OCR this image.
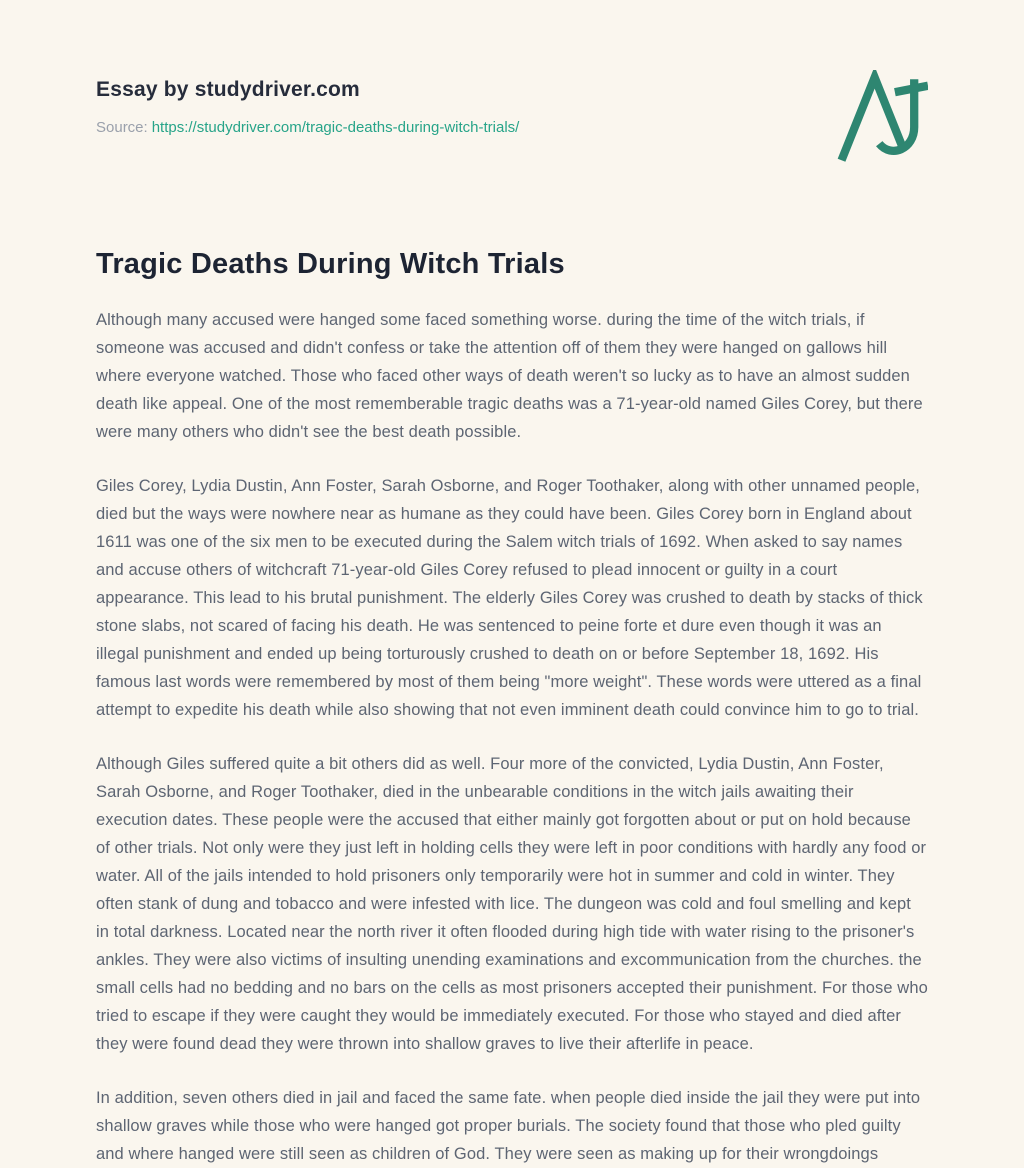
Essay by studydriver.com
Source: https://studydriver.com/tragic-deaths-during-witch-trials/
Tragic Deaths During Witch Trials

Although many accused were hanged some faced something worse. during the time of the witch trials, if someone was accused and didn't confess or take the attention off of them they were hanged on gallows hill where everyone watched. Those who faced other ways of death weren't so lucky as to have an almost sudden death like appeal. One of the most rememberable tragic deaths was a 71-year-old named Giles Corey, but there were many others who didn't see the best death possible.

Giles Corey, Lydia Dustin, Ann Foster, Sarah Osborne, and Roger Toothaker, along with other unnamed people, died but the ways were nowhere near as humane as they could have been. Giles Corey born in England about 1611 was one of the six men to be executed during the Salem witch trials of 1692. When asked to say names and accuse others of witchcraft 71-year-old Giles Corey refused to plead innocent or guilty in a court appearance. This lead to his brutal punishment. The elderly Giles Corey was crushed to death by stacks of thick stone slabs, not scared of facing his death. He was sentenced to peine forte et dure even though it was an illegal punishment and ended up being torturously crushed to death on or before September 18, 1692. His famous last words were remembered by most of them being "more weight". These words were uttered as a final attempt to expedite his death while also showing that not even imminent death could convince him to go to trial.

Although Giles suffered quite a bit others did as well. Four more of the convicted, Lydia Dustin, Ann Foster, Sarah Osborne, and Roger Toothaker, died in the unbearable conditions in the witch jails awaiting their execution dates. These people were the accused that either mainly got forgotten about or put on hold because of other trials. Not only were they just left in holding cells they were left in poor conditions with hardly any food or water. All of the jails intended to hold prisoners only temporarily were hot in summer and cold in winter. They often stank of dung and tobacco and were infested with lice. The dungeon was cold and foul smelling and kept in total darkness. Located near the north river it often flooded during high tide with water rising to the prisoner's ankles. They were also victims of insulting unending examinations and excommunication from the churches. the small cells had no bedding and no bars on the cells as most prisoners accepted their punishment. For those who tried to escape if they were caught they would be immediately executed. For those who stayed and died after they were found dead they were thrown into shallow graves to live their afterlife in peace.

In addition, seven others died in jail and faced the same fate. when people died inside the jail they were put into shallow graves while those who were hanged got proper burials. The society found that those who pled guilty and where hanged were still seen as children of God. They were seen as making up for their wrongdoings
